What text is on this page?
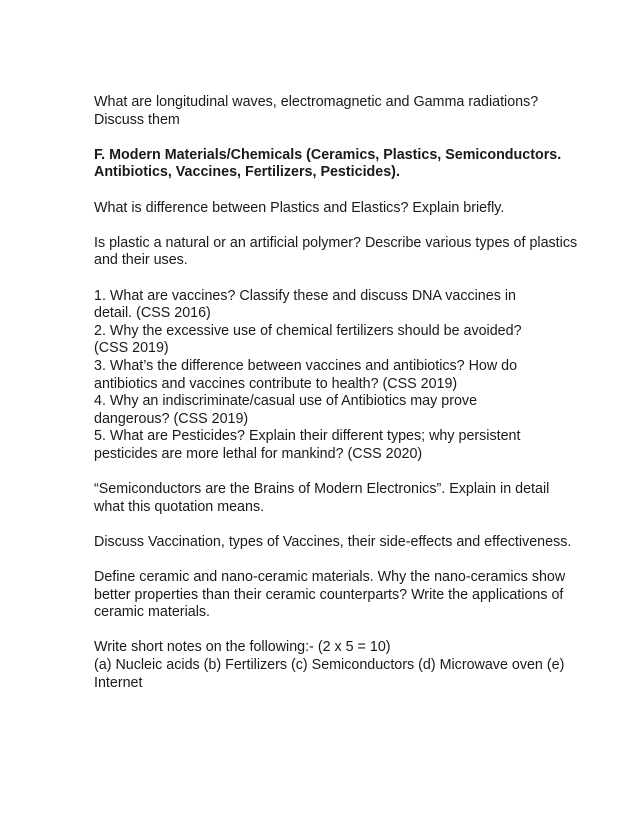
What are longitudinal waves, electromagnetic and Gamma radiations?
Discuss them

F. Modern Materials/Chemicals (Ceramics, Plastics, Semiconductors.
Antibiotics, Vaccines, Fertilizers, Pesticides).

What is difference between Plastics and Elastics? Explain briefly.

Is plastic a natural or an artificial polymer? Describe various types of plastics
and their uses.

1. What are vaccines? Classify these and discuss DNA vaccines in
detail. (CSS 2016)
2. Why the excessive use of chemical fertilizers should be avoided?
(CSS 2019)
3. What’s the difference between vaccines and antibiotics? How do
antibiotics and vaccines contribute to health? (CSS 2019)
4. Why an indiscriminate/casual use of Antibiotics may prove
dangerous? (CSS 2019)
5. What are Pesticides? Explain their different types; why persistent
pesticides are more lethal for mankind? (CSS 2020)

“Semiconductors are the Brains of Modern Electronics”. Explain in detail
what this quotation means.

Discuss Vaccination, types of Vaccines, their side-effects and effectiveness.

Define ceramic and nano-ceramic materials. Why the nano-ceramics show
better properties than their ceramic counterparts? Write the applications of
ceramic materials.

Write short notes on the following:- (2 x 5 = 10)
(a) Nucleic acids (b) Fertilizers (c) Semiconductors (d) Microwave oven (e)
Internet
